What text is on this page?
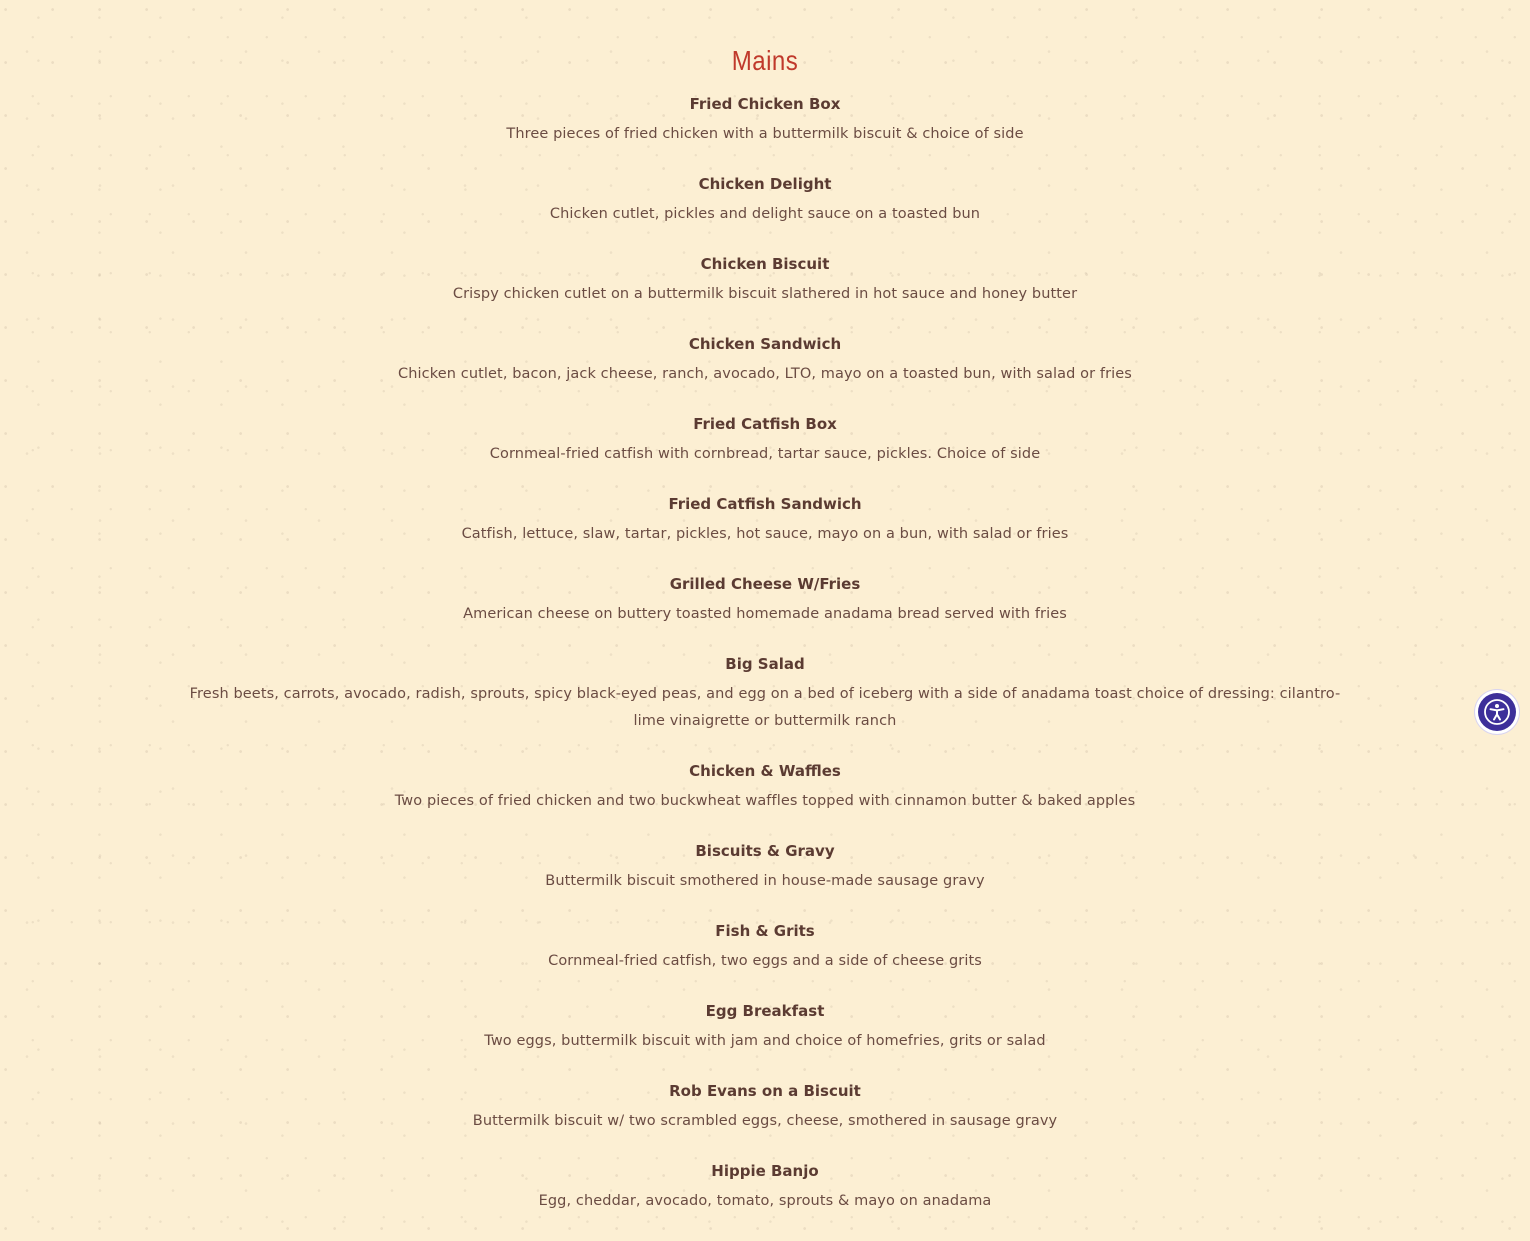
Mains
Fried Chicken Box
Three pieces of fried chicken with a buttermilk biscuit & choice of side
Chicken Delight
Chicken cutlet, pickles and delight sauce on a toasted bun
Chicken Biscuit
Crispy chicken cutlet on a buttermilk biscuit slathered in hot sauce and honey butter
Chicken Sandwich
Chicken cutlet, bacon, jack cheese, ranch, avocado, LTO, mayo on a toasted bun, with salad or fries
Fried Catfish Box
Cornmeal-fried catfish with cornbread, tartar sauce, pickles. Choice of side
Fried Catfish Sandwich
Catfish, lettuce, slaw, tartar, pickles, hot sauce, mayo on a bun, with salad or fries
Grilled Cheese W/Fries
American cheese on buttery toasted homemade anadama bread served with fries
Big Salad
Fresh beets, carrots, avocado, radish, sprouts, spicy black-eyed peas, and egg on a bed of iceberg with a side of anadama toast choice of dressing: cilantro-lime vinaigrette or buttermilk ranch
Chicken & Waffles
Two pieces of fried chicken and two buckwheat waffles topped with cinnamon butter & baked apples
Biscuits & Gravy
Buttermilk biscuit smothered in house-made sausage gravy
Fish & Grits
Cornmeal-fried catfish, two eggs and a side of cheese grits
Egg Breakfast
Two eggs, buttermilk biscuit with jam and choice of homefries, grits or salad
Rob Evans on a Biscuit
Buttermilk biscuit w/ two scrambled eggs, cheese, smothered in sausage gravy
Hippie Banjo
Egg, cheddar, avocado, tomato, sprouts & mayo on anadama
